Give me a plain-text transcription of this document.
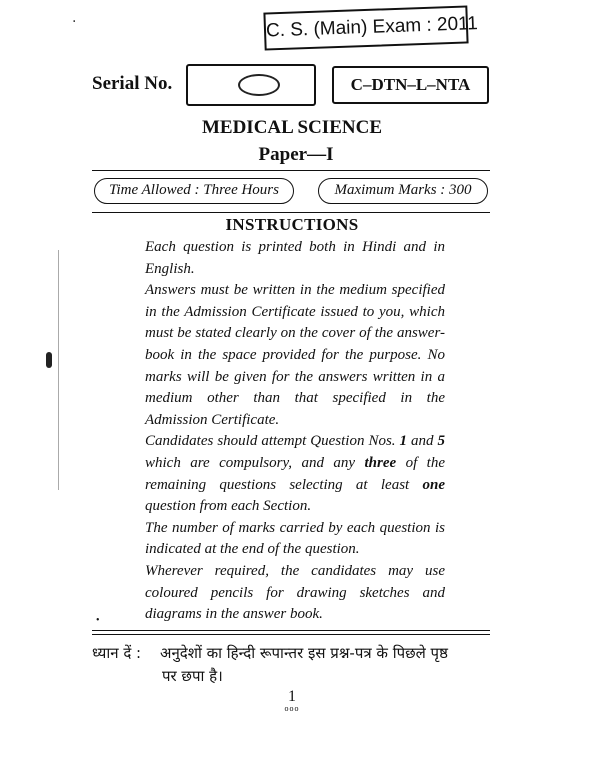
·	C. S. (Main) Exam : 2011
Serial No.	C–DTN–L–NTA
MEDICAL SCIENCE
Paper—I
Time Allowed : Three Hours	Maximum Marks : 300
INSTRUCTIONS

Each question is printed both in Hindi and in English.

Answers must be written in the medium specified in the Admission Certificate issued to you, which must be stated clearly on the cover of the answer-book in the space provided for the purpose. No marks will be given for the answers written in a medium other than that specified in the Admission Certificate.

Candidates should attempt Question Nos. 1 and 5 which are compulsory, and any three of the remaining questions selecting at least one question from each Section.

The number of marks carried by each question is indicated at the end of the question.

Wherever required, the candidates may use coloured pencils for drawing sketches and diagrams in the answer book.

•
ध्यान दें : अनुदेशों का हिन्दी रूपान्तर इस प्रश्न-पत्र के पिछले पृष्ठ
पर छपा है।
1
ooo
